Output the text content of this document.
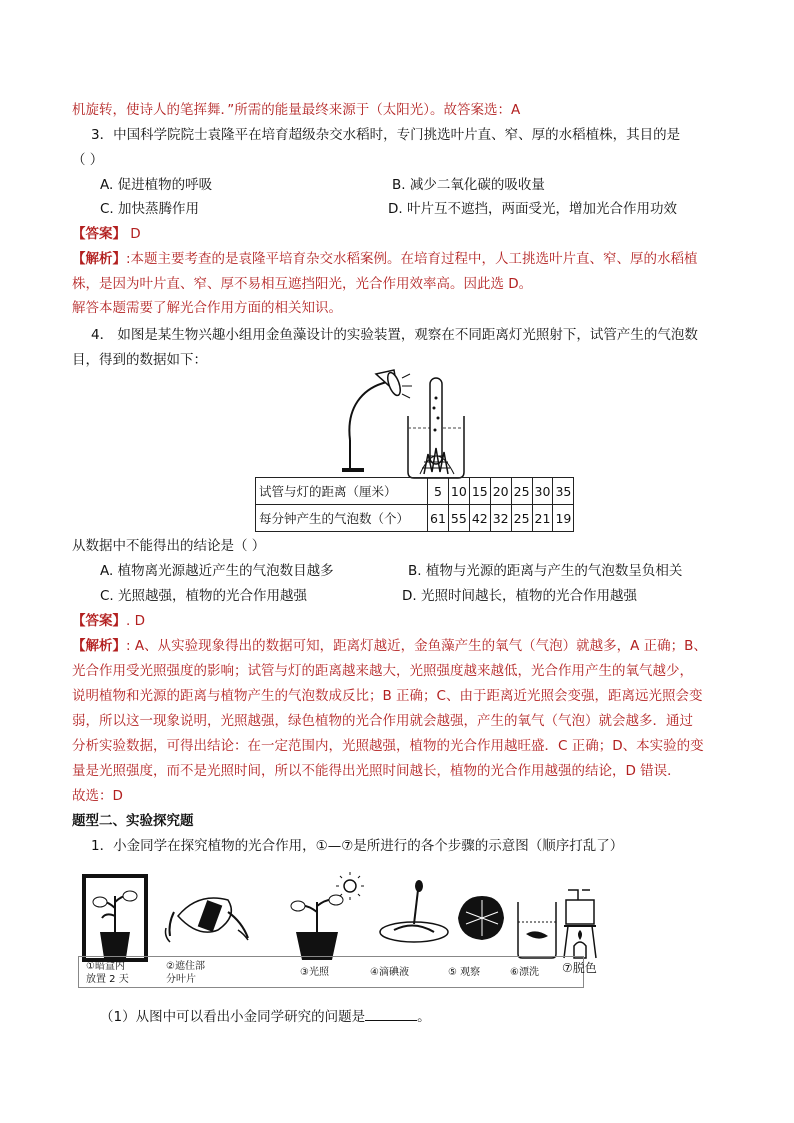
机旋转，使诗人的笔挥舞．”所需的能量最终来源于（太阳光）。故答案选：A
3．中国科学院院士袁隆平在培育超级杂交水稻时，专门挑选叶片直、窄、厚的水稻植株，其目的是
（ ）
A. 促进植物的呼吸	B. 减少二氧化碳的吸收量
C. 加快蒸腾作用	D. 叶片互不遮挡，两面受光，增加光合作用功效
【答案】 D
【解析】:本题主要考查的是袁隆平培育杂交水稻案例。在培育过程中，人工挑选叶片直、窄、厚的水稻植
株，是因为叶片直、窄、厚不易相互遮挡阳光，光合作用效率高。因此选 D。
解答本题需要了解光合作用方面的相关知识。
4． 如图是某生物兴趣小组用金鱼藻设计的实验装置，观察在不同距离灯光照射下，试管产生的气泡数
目，得到的数据如下：
试管与灯的距离（厘米）	5	10	15	20	25	30	35
每分钟产生的气泡数（个）	61	55	42	32	25	21	19
从数据中不能得出的结论是（ ）
A. 植物离光源越近产生的气泡数目越多	B. 植物与光源的距离与产生的气泡数呈负相关
C. 光照越强，植物的光合作用越强	D. 光照时间越长，植物的光合作用越强
【答案】. D
【解析】: A、从实验现象得出的数据可知，距离灯越近，金鱼藻产生的氧气（气泡）就越多，A 正确；B、
光合作用受光照强度的影响；试管与灯的距离越来越大，光照强度越来越低，光合作用产生的氧气越少，
说明植物和光源的距离与植物产生的气泡数成反比；B 正确；C、由于距离近光照会变强，距离远光照会变
弱，所以这一现象说明，光照越强，绿色植物的光合作用就会越强，产生的氧气（气泡）就会越多．通过
分析实验数据，可得出结论：在一定范围内，光照越强，植物的光合作用越旺盛．C 正确；D、本实验的变
量是光照强度，而不是光照时间，所以不能得出光照时间越长，植物的光合作用越强的结论，D 错误．
故选：D
题型二、实验探究题
1．小金同学在探究植物的光合作用，①—⑦是所进行的各个步骤的示意图（顺序打乱了）
①暗盒内
放置 2 天
②遮住部
分叶片
③光照	④滴碘液	⑤ 观察	⑥漂洗 ⑦脱色
（1）从图中可以看出小金同学研究的问题是	。
